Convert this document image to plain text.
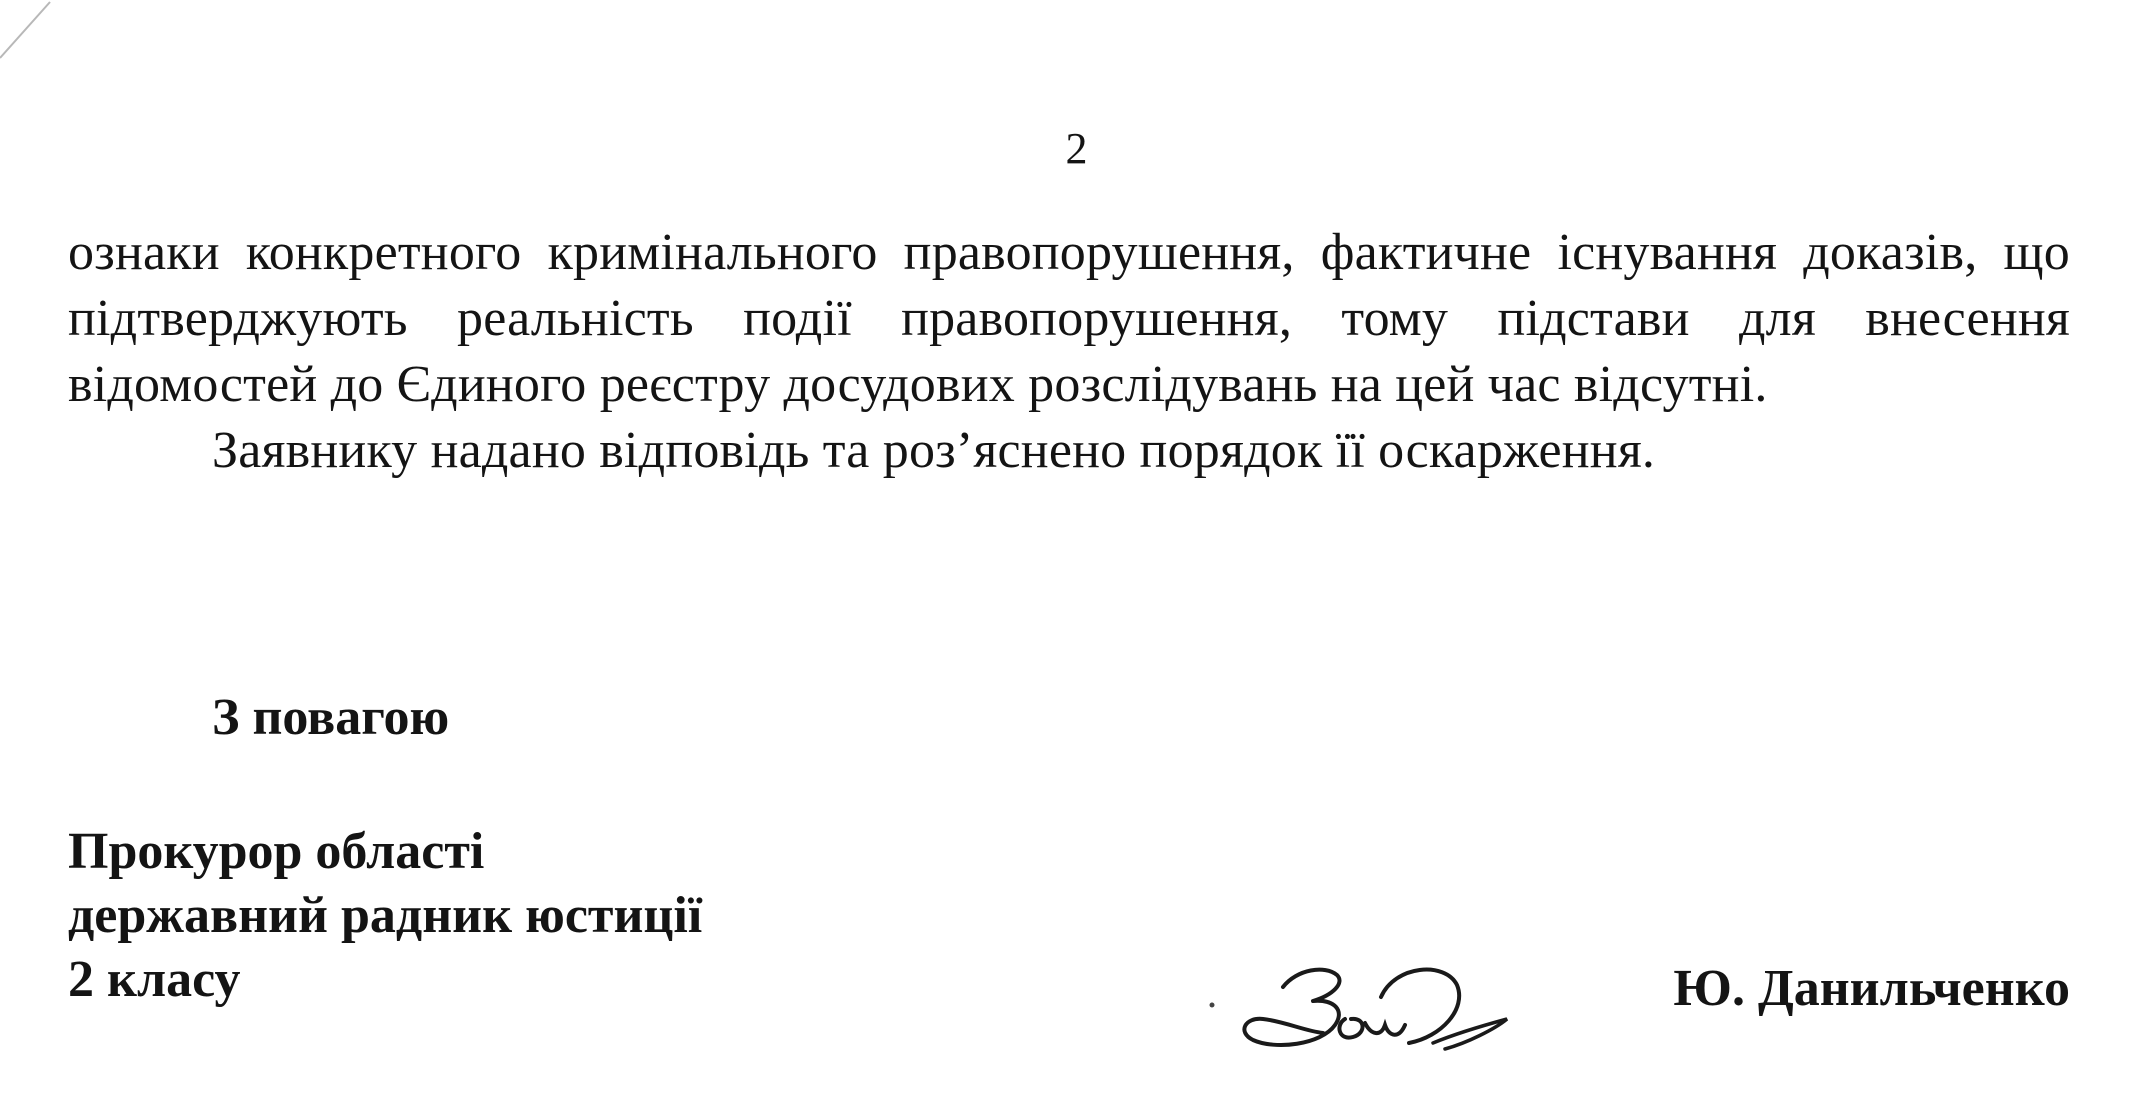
2

ознаки конкретного кримінального правопорушення, фактичне існування доказів, що підтверджують реальність події правопорушення, тому підстави для внесення відомостей до Єдиного реєстру досудових розслідувань на цей час відсутні.

Заявнику надано відповідь та роз’яснено порядок її оскарження.

З повагою
Прокурор області
державний радник юстиції
2 класу	Ю. Данильченко
